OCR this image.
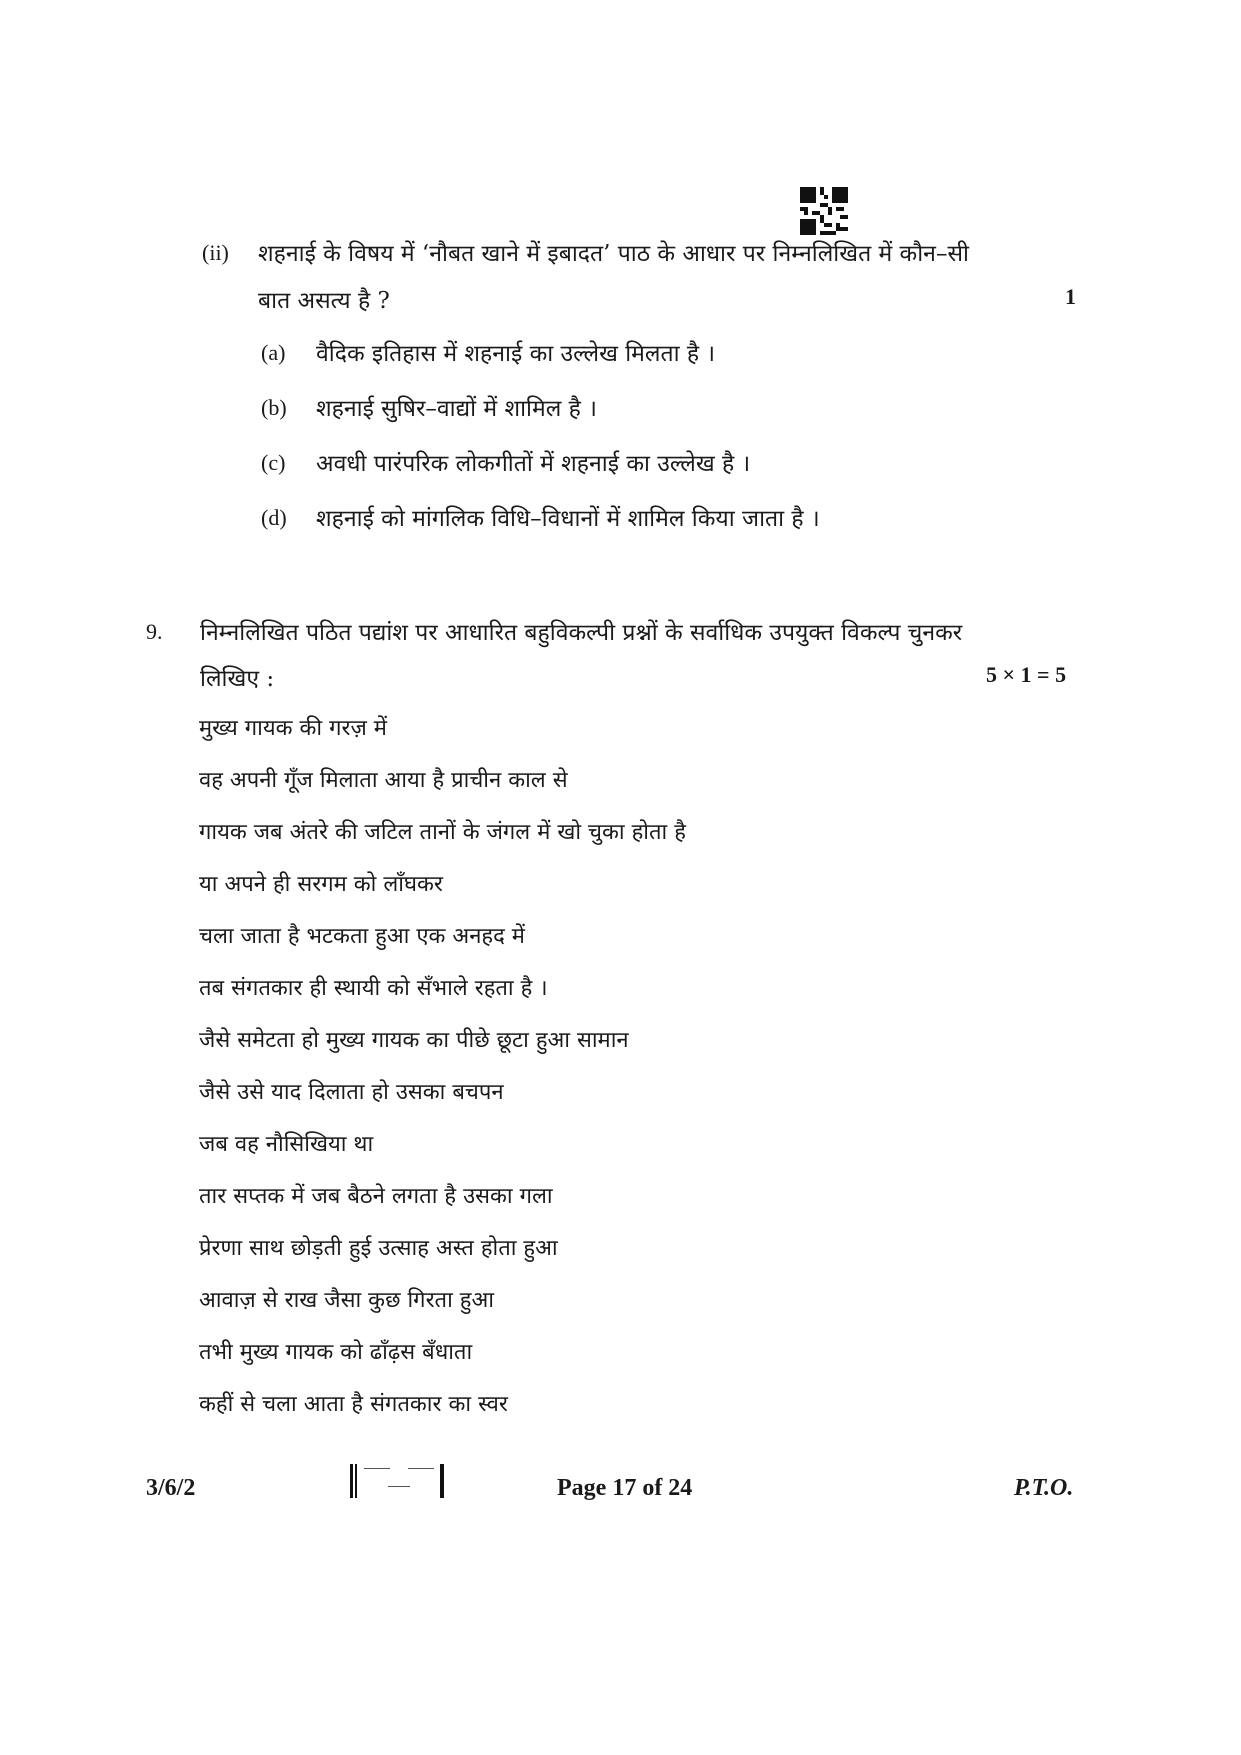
(ii) शहनाई के विषय में ‘नौबत खाने में इबादत’ पाठ के आधार पर निम्नलिखित में कौन–सी
बात असत्य है ?	1
(a) वैदिक इतिहास में शहनाई का उल्लेख मिलता है ।
(b) शहनाई सुषिर–वाद्यों में शामिल है ।
(c) अवधी पारंपरिक लोकगीतों में शहनाई का उल्लेख है ।
(d) शहनाई को मांगलिक विधि–विधानों में शामिल किया जाता है ।
9. निम्नलिखित पठित पद्यांश पर आधारित बहुविकल्पी प्रश्नों के सर्वाधिक उपयुक्त विकल्प चुनकर
लिखिए :	5 × 1 = 5
मुख्य गायक की गरज़ में
वह अपनी गूँज मिलाता आया है प्राचीन काल से
गायक जब अंतरे की जटिल तानों के जंगल में खो चुका होता है
या अपने ही सरगम को लाँघकर
चला जाता है भटकता हुआ एक अनहद में
तब संगतकार ही स्थायी को सँभाले रहता है ।
जैसे समेटता हो मुख्य गायक का पीछे छूटा हुआ सामान
जैसे उसे याद दिलाता हो उसका बचपन
जब वह नौसिखिया था
तार सप्तक में जब बैठने लगता है उसका गला
प्रेरणा साथ छोड़ती हुई उत्साह अस्त होता हुआ
आवाज़ से राख जैसा कुछ गिरता हुआ
तभी मुख्य गायक को ढाँढ़स बँधाता
कहीं से चला आता है संगतकार का स्वर
3/6/2	Page 17 of 24	P.T.O.
